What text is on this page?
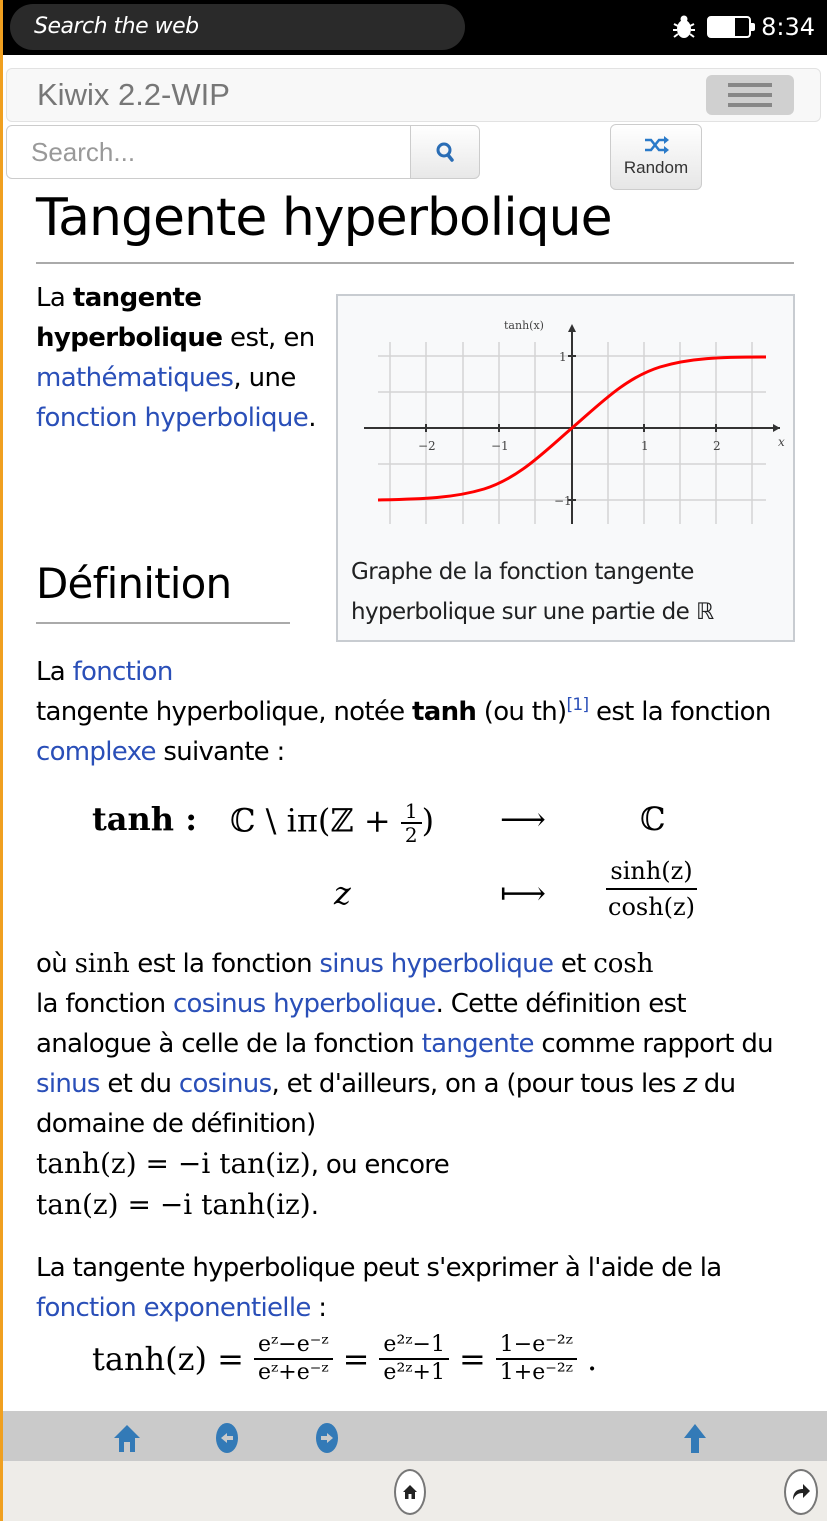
Search the web	8:34
Kiwix 2.2-WIP
Search...
Random
Tangente hyperbolique
La tangente hyperbolique est, en mathématiques, une fonction hyperbolique.
−2	−1	1	2
−1
1
x
tanh(x)
Graphe de la fonction tangente
hyperbolique sur une partie de ℝ
Définition
La fonction
tangente hyperbolique, notée tanh (ou th)[1] est la fonction complexe suivante :
tanh : ℂ \ iπ(ℤ + $\frac{1}{2}$ ) ⟶	ℂ
z	⟼ $\frac{\sinh(z)}{\cosh(z)}$
où sinh est la fonction sinus hyperbolique et cosh
la fonction cosinus hyperbolique. Cette définition est analogue à celle de la fonction tangente comme rapport du sinus et du cosinus, et d'ailleurs, on a (pour tous les z du domaine de définition)
tanh(z) = −i tan(iz), ou encore
tan(z) = −i tanh(iz).
La tangente hyperbolique peut s'exprimer à l'aide de la fonction exponentielle :
$\tanh(z) = \frac{\text{eᶻ−e⁻ᶻ}}{\text{eᶻ+e⁻ᶻ}} = \frac{\text{e²ᶻ−1}}{\text{e²ᶻ+1}} = \frac{\text{1−e⁻²ᶻ}}{\text{1+e⁻²ᶻ}}$ .
